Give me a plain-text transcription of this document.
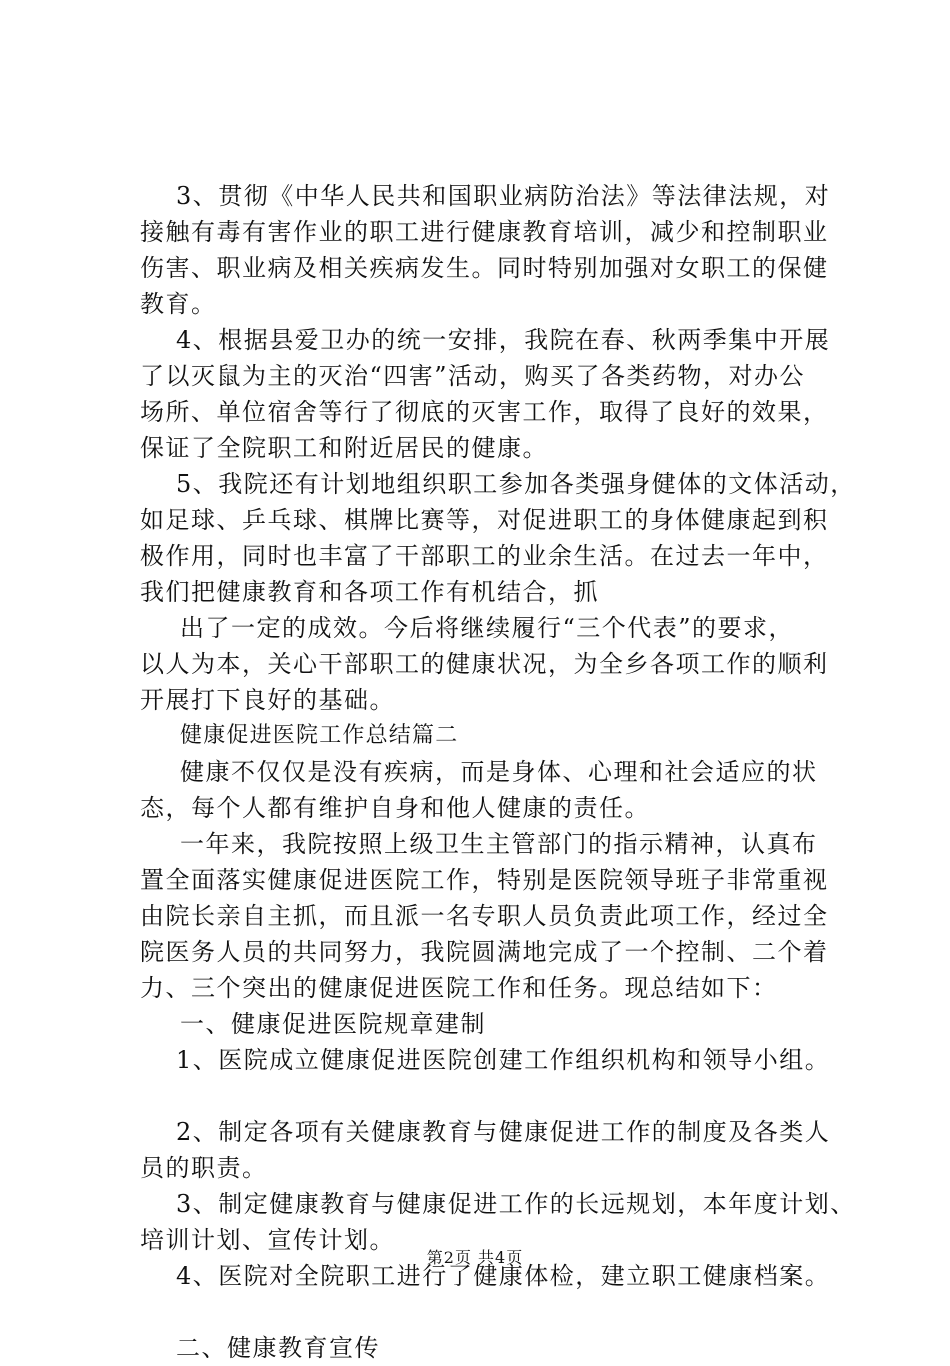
3、贯彻《中华人民共和国职业病防治法》等法律法规，对
接触有毒有害作业的职工进行健康教育培训，减少和控制职业
伤害、职业病及相关疾病发生。同时特别加强对女职工的保健
教育。
4、根据县爱卫办的统一安排，我院在春、秋两季集中开展
了以灭鼠为主的灭治“四害”活动，购买了各类药物，对办公
场所、单位宿舍等行了彻底的灭害工作，取得了良好的效果，
保证了全院职工和附近居民的健康。
5、我院还有计划地组织职工参加各类强身健体的文体活动，
如足球、乒乓球、棋牌比赛等，对促进职工的身体健康起到积
极作用，同时也丰富了干部职工的业余生活。在过去一年中，
我们把健康教育和各项工作有机结合，抓
出了一定的成效。今后将继续履行“三个代表”的要求，
以人为本，关心干部职工的健康状况，为全乡各项工作的顺利
开展打下良好的基础。
健康促进医院工作总结篇二
健康不仅仅是没有疾病，而是身体、心理和社会适应的状
态，每个人都有维护自身和他人健康的责任。
一年来，我院按照上级卫生主管部门的指示精神，认真布
置全面落实健康促进医院工作，特别是医院领导班子非常重视
由院长亲自主抓，而且派一名专职人员负责此项工作，经过全
院医务人员的共同努力，我院圆满地完成了一个控制、二个着
力、三个突出的健康促进医院工作和任务。现总结如下：
一、健康促进医院规章建制
1、医院成立健康促进医院创建工作组织机构和领导小组。
2、制定各项有关健康教育与健康促进工作的制度及各类人
员的职责。
3、制定健康教育与健康促进工作的长远规划，本年度计划、
培训计划、宣传计划。
4、医院对全院职工进行了健康体检，建立职工健康档案。
二、健康教育宣传
第2页 共4页
